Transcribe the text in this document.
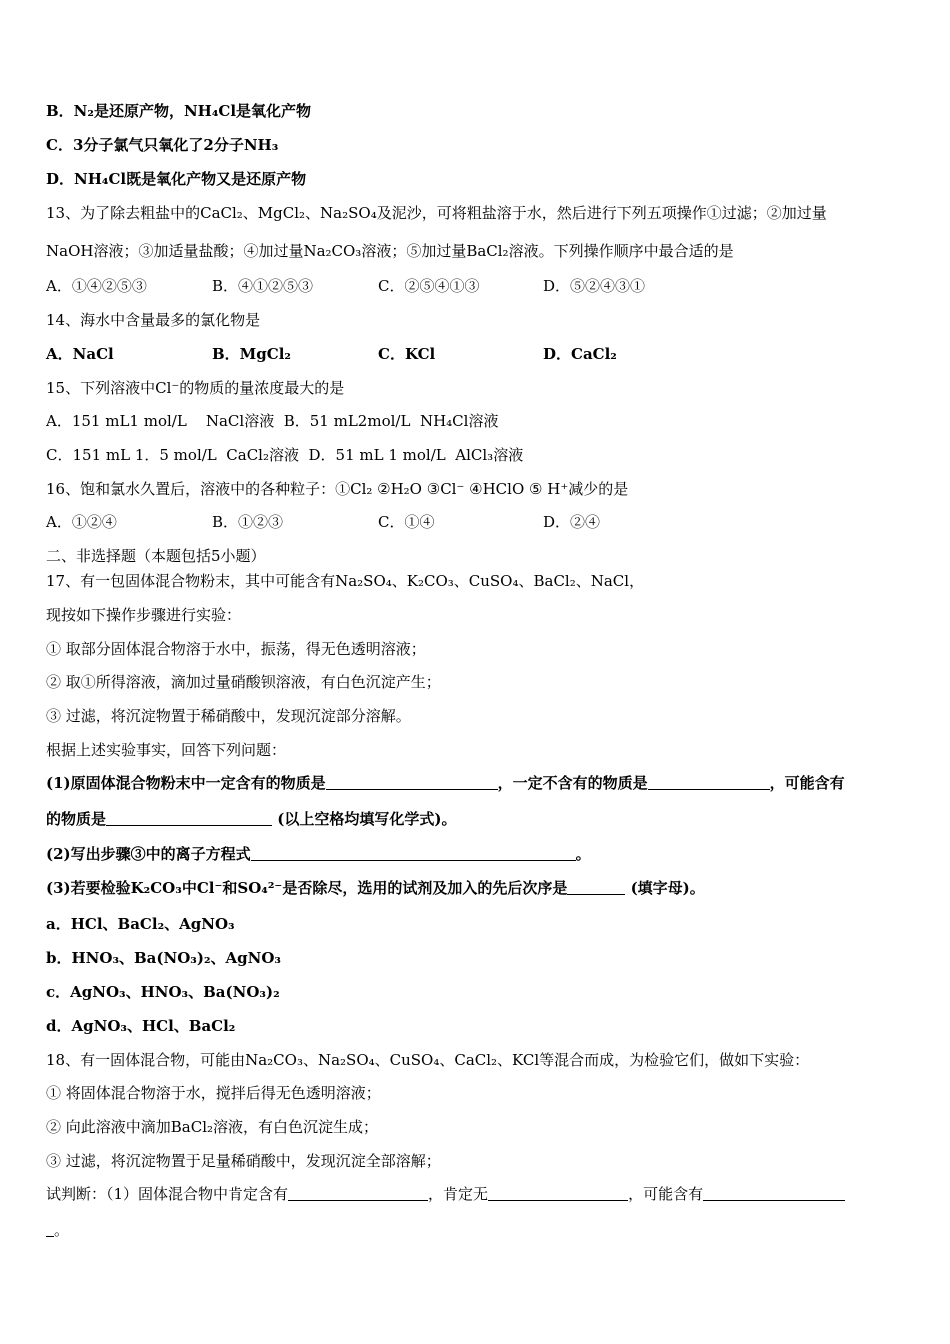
B．N₂是还原产物，NH₄Cl是氧化产物
C．3分子氯气只氧化了2分子NH₃
D．NH₄Cl既是氧化产物又是还原产物
13、为了除去粗盐中的CaCl₂、MgCl₂、Na₂SO₄及泥沙，可将粗盐溶于水，然后进行下列五项操作①过滤；②加过量
NaOH溶液；③加适量盐酸；④加过量Na₂CO₃溶液；⑤加过量BaCl₂溶液。下列操作顺序中最合适的是
A．①④②⑤③	B．④①②⑤③	C．②⑤④①③	D．⑤②④③①
14、海水中含量最多的氯化物是
A．NaCl	B．MgCl₂	C．KCl	D．CaCl₂
15、下列溶液中Cl⁻的物质的量浓度最大的是
A．151 mL1 mol/L    NaCl溶液  B．51 mL2mol/L  NH₄Cl溶液
C．151 mL 1．5 mol/L  CaCl₂溶液  D．51 mL 1 mol/L  AlCl₃溶液
16、饱和氯水久置后，溶液中的各种粒子：①Cl₂ ②H₂O ③Cl⁻ ④HClO ⑤ H⁺减少的是
A．①②④	B．①②③	C．①④	D．②④
二、非选择题（本题包括5小题）
17、有一包固体混合物粉末，其中可能含有Na₂SO₄、K₂CO₃、CuSO₄、BaCl₂、NaCl，
现按如下操作步骤进行实验：
① 取部分固体混合物溶于水中，振荡，得无色透明溶液；
② 取①所得溶液，滴加过量硝酸钡溶液，有白色沉淀产生；
③ 过滤，将沉淀物置于稀硝酸中，发现沉淀部分溶解。
根据上述实验事实，回答下列问题：
(1)原固体混合物粉末中一定含有的物质是	，一定不含有的物质是	，可能含有
的物质是	(以上空格均填写化学式)。
(2)写出步骤③中的离子方程式	。
(3)若要检验K₂CO₃中Cl⁻和SO₄²⁻是否除尽，选用的试剂及加入的先后次序是	(填字母)。
a．HCl、BaCl₂、AgNO₃
b．HNO₃、Ba(NO₃)₂、AgNO₃
c．AgNO₃、HNO₃、Ba(NO₃)₂
d．AgNO₃、HCl、BaCl₂
18、有一固体混合物，可能由Na₂CO₃、Na₂SO₄、CuSO₄、CaCl₂、KCl等混合而成，为检验它们，做如下实验：
① 将固体混合物溶于水，搅拌后得无色透明溶液；
② 向此溶液中滴加BaCl₂溶液，有白色沉淀生成；
③ 过滤，将沉淀物置于足量稀硝酸中，发现沉淀全部溶解；
试判断：（1）固体混合物中肯定含有	，肯定无	，可能含有
。
